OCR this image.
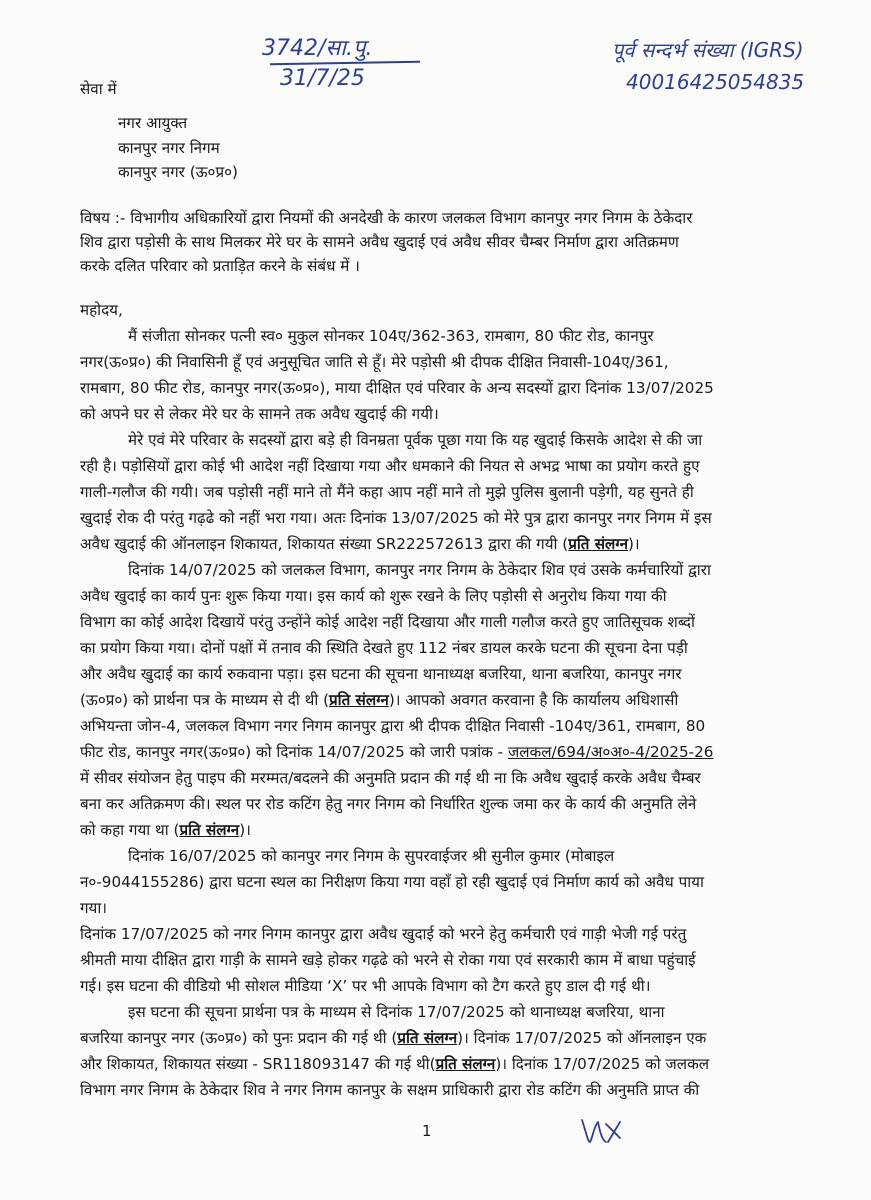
3742/सा.पु.
31/7/25
पूर्व सन्दर्भ संख्या (IGRS)
40016425054835
सेवा में
नगर आयुक्त
कानपुर नगर निगम
कानपुर नगर (ऊ०प्र०)
विषय :- विभागीय अधिकारियों द्वारा नियमों की अनदेखी के कारण जलकल विभाग कानपुर नगर निगम के ठेकेदार
शिव द्वारा पड़ोसी के साथ मिलकर मेरे घर के सामने अवैध खुदाई एवं अवैध सीवर चैम्बर निर्माण द्वारा अतिक्रमण
करके दलित परिवार को प्रताड़ित करने के संबंध में ।
महोदय,
मैं संजीता सोनकर पत्नी स्व० मुकुल सोनकर 104ए/362-363, रामबाग, 80 फीट रोड, कानपुर
नगर(ऊ०प्र०) की निवासिनी हूँ एवं अनुसूचित जाति से हूँ। मेरे पड़ोसी श्री दीपक दीक्षित निवासी-104ए/361,
रामबाग, 80 फीट रोड, कानपुर नगर(ऊ०प्र०), माया दीक्षित एवं परिवार के अन्य सदस्यों द्वारा दिनांक 13/07/2025
को अपने घर से लेकर मेरे घर के सामने तक अवैध खुदाई की गयी।
मेरे एवं मेरे परिवार के सदस्यों द्वारा बड़े ही विनम्रता पूर्वक पूछा गया कि यह खुदाई किसके आदेश से की जा
रही है। पड़ोसियों द्वारा कोई भी आदेश नहीं दिखाया गया और धमकाने की नियत से अभद्र भाषा का प्रयोग करते हुए
गाली-गलौज की गयी। जब पड़ोसी नहीं माने तो मैंने कहा आप नहीं माने तो मुझे पुलिस बुलानी पड़ेगी, यह सुनते ही
खुदाई रोक दी परंतु गढ़ढे को नहीं भरा गया। अतः दिनांक 13/07/2025 को मेरे पुत्र द्वारा कानपुर नगर निगम में इस
अवैध खुदाई की ऑनलाइन शिकायत, शिकायत संख्या SR222572613 द्वारा की गयी (प्रति संलग्न)।
दिनांक 14/07/2025 को जलकल विभाग, कानपुर नगर निगम के ठेकेदार शिव एवं उसके कर्मचारियों द्वारा
अवैध खुदाई का कार्य पुनः शुरू किया गया। इस कार्य को शुरू रखने के लिए पड़ोसी से अनुरोध किया गया की
विभाग का कोई आदेश दिखायें परंतु उन्होंने कोई आदेश नहीं दिखाया और गाली गलौज करते हुए जातिसूचक शब्दों
का प्रयोग किया गया। दोनों पक्षों में तनाव की स्थिति देखते हुए 112 नंबर डायल करके घटना की सूचना देना पड़ी
और अवैध खुदाई का कार्य रुकवाना पड़ा। इस घटना की सूचना थानाध्यक्ष बजरिया, थाना बजरिया, कानपुर नगर
(ऊ०प्र०) को प्रार्थना पत्र के माध्यम से दी थी (प्रति संलग्न)। आपको अवगत करवाना है कि कार्यालय अधिशासी
अभियन्ता जोन-4, जलकल विभाग नगर निगम कानपुर द्वारा श्री दीपक दीक्षित निवासी -104ए/361, रामबाग, 80
फीट रोड, कानपुर नगर(ऊ०प्र०) को दिनांक 14/07/2025 को जारी पत्रांक - जलकल/694/अ०अ०-4/2025-26
में सीवर संयोजन हेतु पाइप की मरम्मत/बदलने की अनुमति प्रदान की गई थी ना कि अवैध खुदाई करके अवैध चैम्बर
बना कर अतिक्रमण की। स्थल पर रोड कटिंग हेतु नगर निगम को निर्धारित शुल्क जमा कर के कार्य की अनुमति लेने
को कहा गया था (प्रति संलग्न)।
दिनांक 16/07/2025 को कानपुर नगर निगम के सुपरवाईजर श्री सुनील कुमार (मोबाइल
न०-9044155286) द्वारा घटना स्थल का निरीक्षण किया गया वहाँ हो रही खुदाई एवं निर्माण कार्य को अवैध पाया
गया।
दिनांक 17/07/2025 को नगर निगम कानपुर द्वारा अवैध खुदाई को भरने हेतु कर्मचारी एवं गाड़ी भेजी गई परंतु
श्रीमती माया दीक्षित द्वारा गाड़ी के सामने खड़े होकर गढ़ढे को भरने से रोका गया एवं सरकारी काम में बाधा पहुंचाई
गई। इस घटना की वीडियो भी सोशल मीडिया ‘X’ पर भी आपके विभाग को टैग करते हुए डाल दी गई थी।
इस घटना की सूचना प्रार्थना पत्र के माध्यम से दिनांक 17/07/2025 को थानाध्यक्ष बजरिया, थाना
बजरिया कानपुर नगर (ऊ०प्र०) को पुनः प्रदान की गई थी (प्रति संलग्न)। दिनांक 17/07/2025 को ऑनलाइन एक
और शिकायत, शिकायत संख्या - SR118093147 की गई थी(प्रति संलग्न)। दिनांक 17/07/2025 को जलकल
विभाग नगर निगम के ठेकेदार शिव ने नगर निगम कानपुर के सक्षम प्राधिकारी द्वारा रोड कटिंग की अनुमति प्राप्त की
1
